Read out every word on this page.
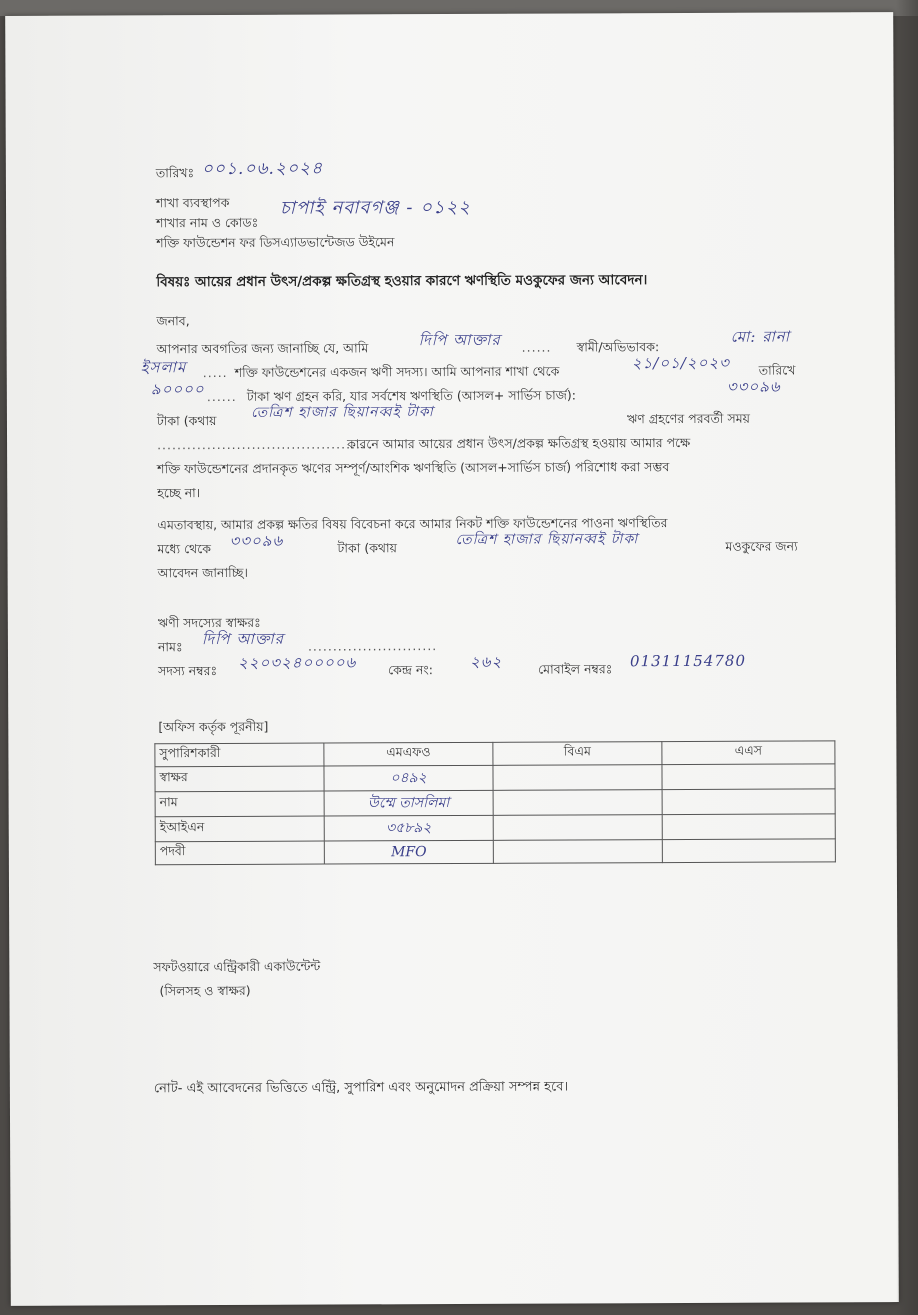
তারিখঃ ০০১.০৬.২০২৪
শাখা ব্যবস্থাপক
শাখার নাম ও কোডঃ
চাপাই নবাবগঞ্জ - ০১২২
শক্তি ফাউন্ডেশন ফর ডিসএ্যাডভান্টেজড উইমেন
বিষয়ঃ আয়ের প্রধান উৎস/প্রকল্প ক্ষতিগ্রস্থ হওয়ার কারণে ঋণস্থিতি মওকুফের জন্য আবেদন।
জনাব,
আপনার অবগতির জন্য জানাচ্ছি যে, আমি	দিপি আক্তার ...... স্বামী/অভিভাবক:
মো: রানা
ইসলাম ..... শক্তি ফাউন্ডেশনের একজন ঋণী সদস্য। আমি আপনার শাখা থেকে	২১/০১/২০২৩ তারিখে
৯০০০০ ...... টাকা ঋণ গ্রহন করি, যার সর্বশেষ ঋণস্থিতি (আসল+ সার্ভিস চার্জ):	৩৩০৯৬
টাকা (কথায় তেত্রিশ হাজার ছিয়ানব্বই টাকা	ঋণ গ্রহণের পরবর্তী সময়
..........................................
কারনে আমার আয়ের প্রধান উৎস/প্রকল্প ক্ষতিগ্রস্থ হওয়ায় আমার পক্ষে
শক্তি ফাউন্ডেশনের প্রদানকৃত ঋণের সম্পূর্ণ/আংশিক ঋণস্থিতি (আসল+সার্ভিস চার্জ) পরিশোধ করা সম্ভব
হচ্ছে না।
এমতাবস্থায়, আমার প্রকল্প ক্ষতির বিষয় বিবেচনা করে আমার নিকট শক্তি ফাউন্ডেশনের পাওনা ঋণস্থিতির
মধ্যে থেকে ৩৩০৯৬	টাকা (কথায়	তেত্রিশ হাজার ছিয়ানব্বই টাকা	মওকুফের জন্য
আবেদন জানাচ্ছি।
ঋণী সদস্যের স্বাক্ষরঃ
নামঃ দিপি আক্তার ..........................
সদস্য নম্বরঃ ২২০৩২৪০০০০৬	কেন্দ্র নং: ২৬২	মোবাইল নম্বরঃ 01311154780
[অফিস কর্তৃক পূরনীয়]
সুপারিশকারী	এমএফও	বিএম	এএস
স্বাক্ষর	০৪৯২		
নাম	উম্মে তাসলিমা		
ইআইএন	৩৫৮৯২		
পদবী	MFO		
সফটওয়ারে এন্ট্রিকারী একাউন্টেন্ট
(সিলসহ ও স্বাক্ষর)
নোট- এই আবেদনের ভিত্তিতে এন্ট্রি, সুপারিশ এবং অনুমোদন প্রক্রিয়া সম্পন্ন হবে।
